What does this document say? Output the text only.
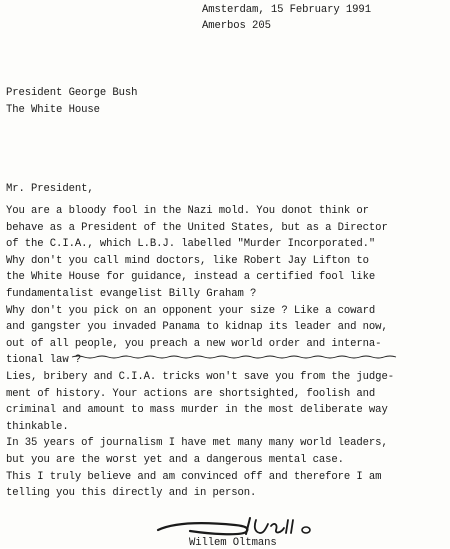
Amsterdam, 15 February 1991
Amerbos 205
President George Bush
The White House
Mr. President,
You are a bloody fool in the Nazi mold. You donot think or
behave as a President of the United States, but as a Director
of the C.I.A., which L.B.J. labelled "Murder Incorporated."
Why don't you call mind doctors, like Robert Jay Lifton to
the White House for guidance, instead a certified fool like
fundamentalist evangelist Billy Graham ?
Why don't you pick on an opponent your size ? Like a coward
and gangster you invaded Panama to kidnap its leader and now,
out of all people, you preach a new world order and interna-
tional law ?
Lies, bribery and C.I.A. tricks won't save you from the judge-
ment of history. Your actions are shortsighted, foolish and
criminal and amount to mass murder in the most deliberate way
thinkable.
In 35 years of journalism I have met many many world leaders,
but you are the worst yet and a dangerous mental case.
This I truly believe and am convinced off and therefore I am
telling you this directly and in person.
Willem Oltmans
